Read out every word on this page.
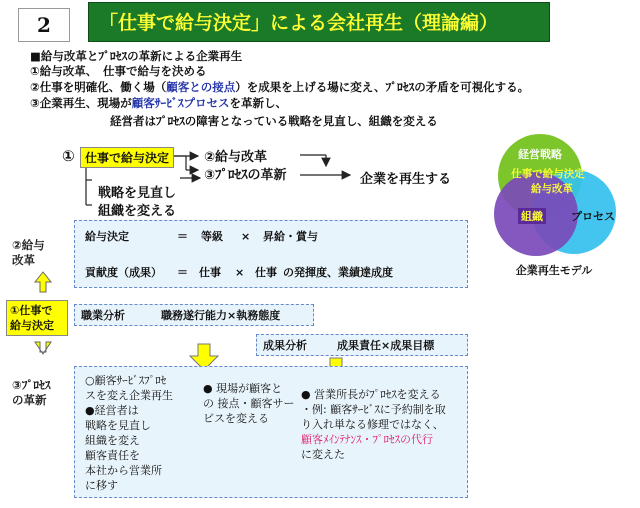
2	「仕事で給与決定」による会社再生（理論編）
■給与改革とﾌﾟﾛｾｽの革新による企業再生
①給与改革、　仕事で給与を決める
②仕事を明確化、働く場（顧客との接点）を成果を上げる場に変え、ﾌﾟﾛｾｽの矛盾を可視化する。
③企業再生、現場が顧客ｻｰﾋﾞｽプロセスを革新し、
経営者はﾌﾟﾛｾｽの障害となっている戦略を見直し、組織を変える
① 仕事で給与決定	②給与改革
③ﾌﾟﾛｾｽの革新	企業を再生する
戦略を見直し
組織を変える
給与決定	＝ 等級 × 昇給・賞与
貢献度（成果） ＝ 仕事 × 仕事 の発揮度、業績達成度
②給与改革
①仕事で
給与決定
③ﾌﾟﾛｾｽの革新
職業分析	職務遂行能力×執務態度
成果分析	成果責任×成果目標
○顧客ｻｰﾋﾞｽﾌﾟﾛｾ
スを変え企業再生
●経営者は
戦略を見直し
組織を変え
顧客責任を
本社から営業所
に移す
● 現場が顧客と
の 接点・顧客サー
ビスを変える
● 営業所長がﾌﾟﾛｾｽを変える
・例: 顧客ｻｰﾋﾞｽに予約制を取
り入れ単なる修理ではなく、
顧客ﾒｲﾝﾃﾅﾝｽ・ﾌﾟﾛｾｽの代行
に変えた
経営戦略
仕事で給与決定
給与改革
組織	プロセス
企業再生モデル
